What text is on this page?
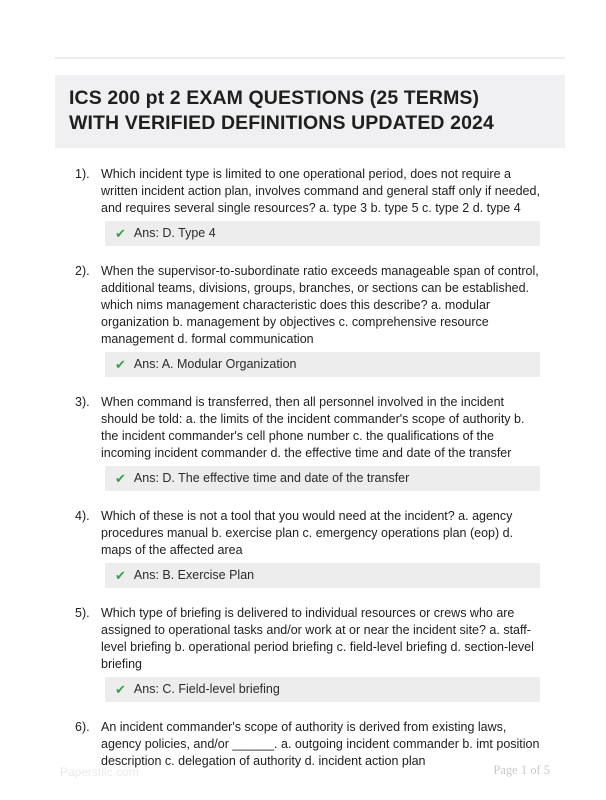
ICS 200 pt 2 EXAM QUESTIONS (25 TERMS)
WITH VERIFIED DEFINITIONS UPDATED 2024
1). Which incident type is limited to one operational period, does not require a written incident action plan, involves command and general staff only if needed, and requires several single resources? a. type 3 b. type 5 c. type 2 d. type 4
✔ Ans: D. Type 4
2). When the supervisor-to-subordinate ratio exceeds manageable span of control, additional teams, divisions, groups, branches, or sections can be established. which nims management characteristic does this describe? a. modular organization b. management by objectives c. comprehensive resource management d. formal communication
✔ Ans: A. Modular Organization
3). When command is transferred, then all personnel involved in the incident should be told: a. the limits of the incident commander's scope of authority b. the incident commander's cell phone number c. the qualifications of the incoming incident commander d. the effective time and date of the transfer
✔ Ans: D. The effective time and date of the transfer
4). Which of these is not a tool that you would need at the incident? a. agency procedures manual b. exercise plan c. emergency operations plan (eop) d. maps of the affected area
✔ Ans: B. Exercise Plan
5). Which type of briefing is delivered to individual resources or crews who are assigned to operational tasks and/or work at or near the incident site? a. staff-level briefing b. operational period briefing c. field-level briefing d. section-level briefing
✔ Ans: C. Field-level briefing
6). An incident commander's scope of authority is derived from existing laws, agency policies, and/or ______. a. outgoing incident commander b. imt position description c. delegation of authority d. incident action plan
Paperstllc.com	Page 1 of 5
